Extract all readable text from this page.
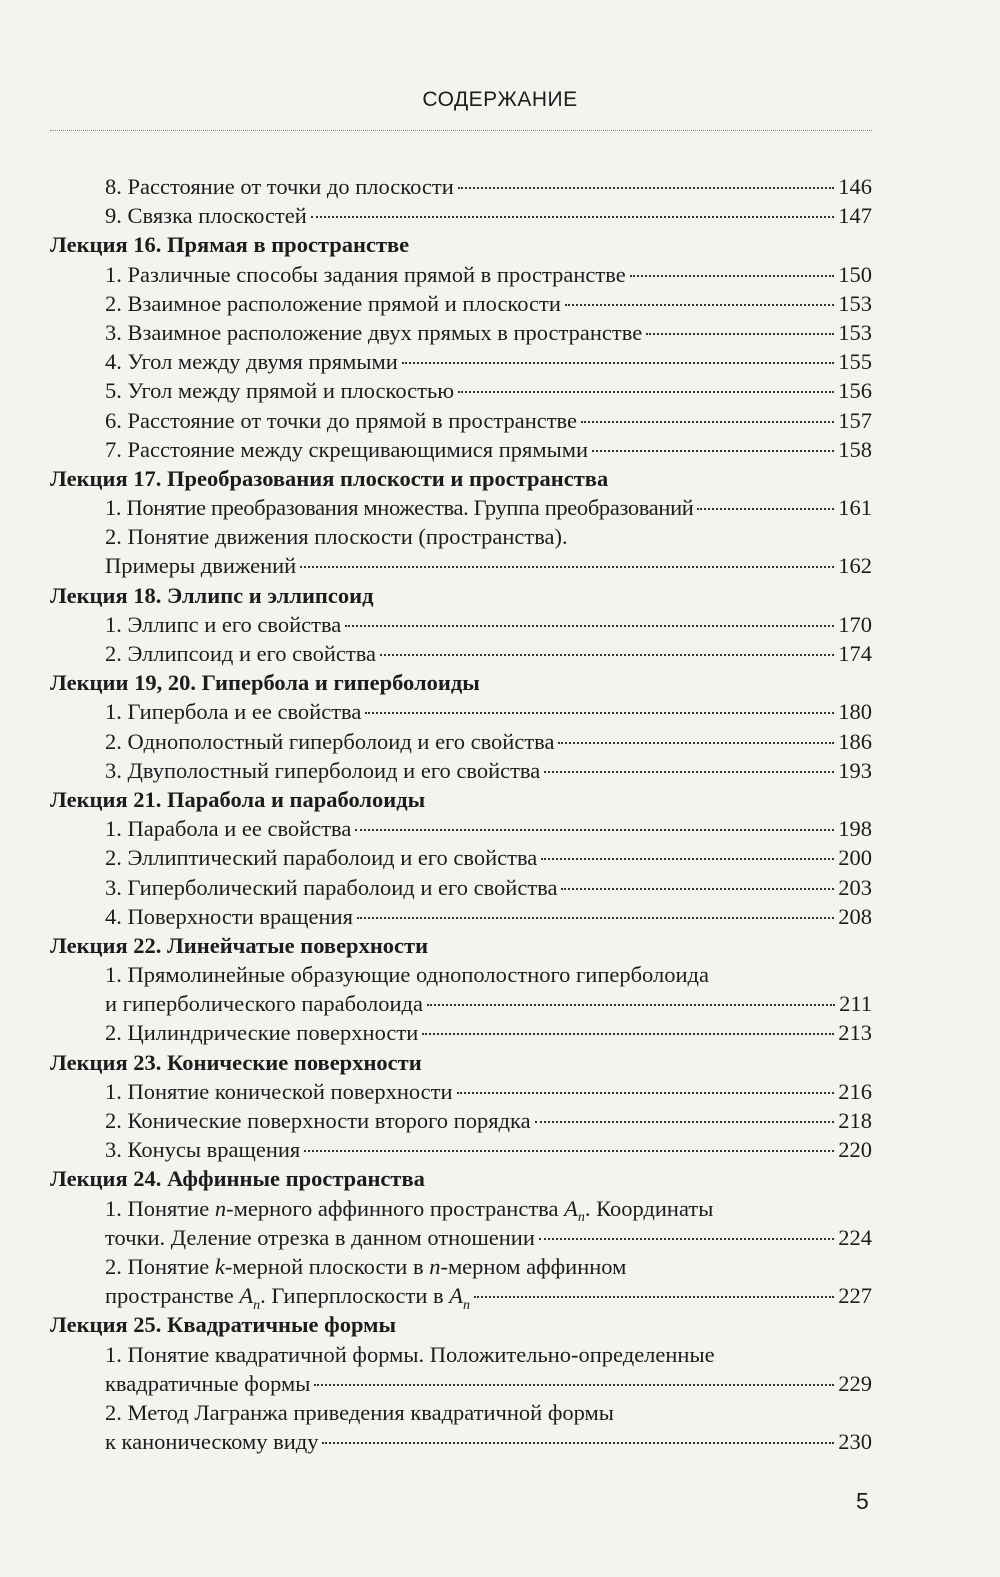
СОДЕРЖАНИЕ
8. Расстояние от точки до плоскости	146
9. Связка плоскостей	147
Лекция 16. Прямая в пространстве
1. Различные способы задания прямой в пространстве	150
2. Взаимное расположение прямой и плоскости	153
3. Взаимное расположение двух прямых в пространстве	153
4. Угол между двумя прямыми	155
5. Угол между прямой и плоскостью	156
6. Расстояние от точки до прямой в пространстве	157
7. Расстояние между скрещивающимися прямыми	158
Лекция 17. Преобразования плоскости и пространства
1. Понятие преобразования множества. Группа преобразований	161
2. Понятие движения плоскости (пространства).
Примеры движений	162
Лекция 18. Эллипс и эллипсоид
1. Эллипс и его свойства	170
2. Эллипсоид и его свойства	174
Лекции 19, 20. Гипербола и гиперболоиды
1. Гипербола и ее свойства	180
2. Однополостный гиперболоид и его свойства	186
3. Двуполостный гиперболоид и его свойства	193
Лекция 21. Парабола и параболоиды
1. Парабола и ее свойства	198
2. Эллиптический параболоид и его свойства	200
3. Гиперболический параболоид и его свойства	203
4. Поверхности вращения	208
Лекция 22. Линейчатые поверхности
1. Прямолинейные образующие однополостного гиперболоида
и гиперболического параболоида	211
2. Цилиндрические поверхности	213
Лекция 23. Конические поверхности
1. Понятие конической поверхности	216
2. Конические поверхности второго порядка	218
3. Конусы вращения	220
Лекция 24. Аффинные пространства
1. Понятие n-мерного аффинного пространства $A_n$. Координаты
точки. Деление отрезка в данном отношении	224
2. Понятие k-мерной плоскости в n-мерном аффинном
пространстве $A_n$. Гиперплоскости в $A_n$	227
Лекция 25. Квадратичные формы
1. Понятие квадратичной формы. Положительно-определенные
квадратичные формы	229
2. Метод Лагранжа приведения квадратичной формы
к каноническому виду	230
5
